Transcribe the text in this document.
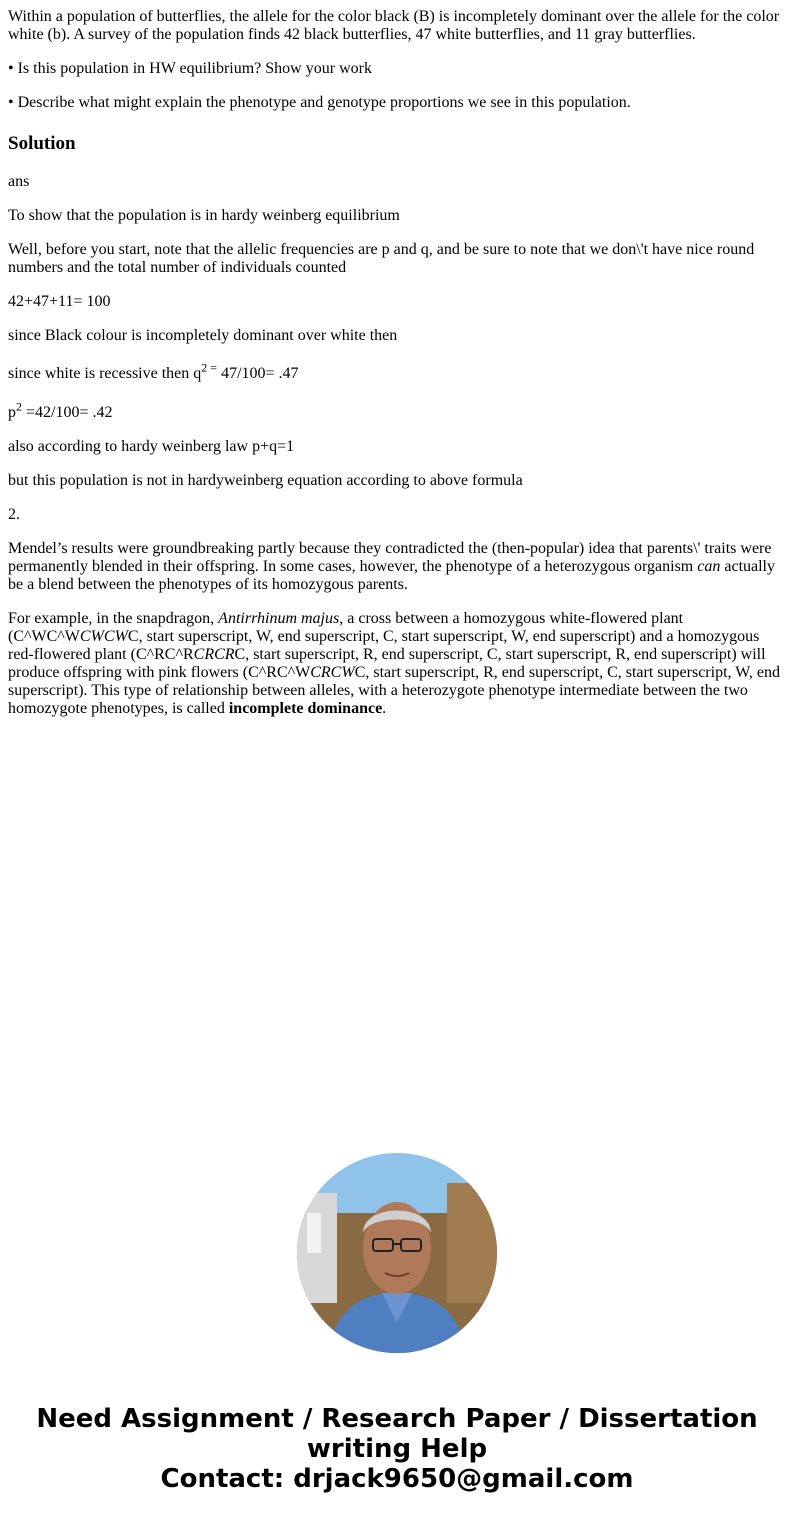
Within a population of butterflies, the allele for the color black (B) is incompletely dominant over the allele for the color white (b). A survey of the population finds 42 black butterflies, 47 white butterflies, and 11 gray butterflies.

• Is this population in HW equilibrium? Show your work

• Describe what might explain the phenotype and genotype proportions we see in this population.

Solution

ans

To show that the population is in hardy weinberg equilibrium

Well, before you start, note that the allelic frequencies are p and q, and be sure to note that we don\'t have nice round numbers and the total number of individuals counted

42+47+11= 100

since Black colour is incompletely dominant over white then

since white is recessive then $q^{2 =}$ 47/100= .47

$p^2 =42/100= .42$

also according to hardy weinberg law p+q=1

but this population is not in hardyweinberg equation according to above formula

2.

Mendel’s results were groundbreaking partly because they contradicted the (then-popular) idea that parents\' traits were permanently blended in their offspring. In some cases, however, the phenotype of a heterozygous organism can actually be a blend between the phenotypes of its homozygous parents.

For example, in the snapdragon, Antirrhinum majus, a cross between a homozygous white-flowered plant (C^WC^WCWCWC, start superscript, W, end superscript, C, start superscript, W, end superscript) and a homozygous red-flowered plant (C^RC^RCRCRC, start superscript, R, end superscript, C, start superscript, R, end superscript) will produce offspring with pink flowers (C^RC^WCRCWC, start superscript, R, end superscript, C, start superscript, W, end superscript). This type of relationship between alleles, with a heterozygote phenotype intermediate between the two homozygote phenotypes, is called incomplete dominance.

Need Assignment / Research Paper / Dissertation
writing Help
Contact: drjack9650@gmail.com
